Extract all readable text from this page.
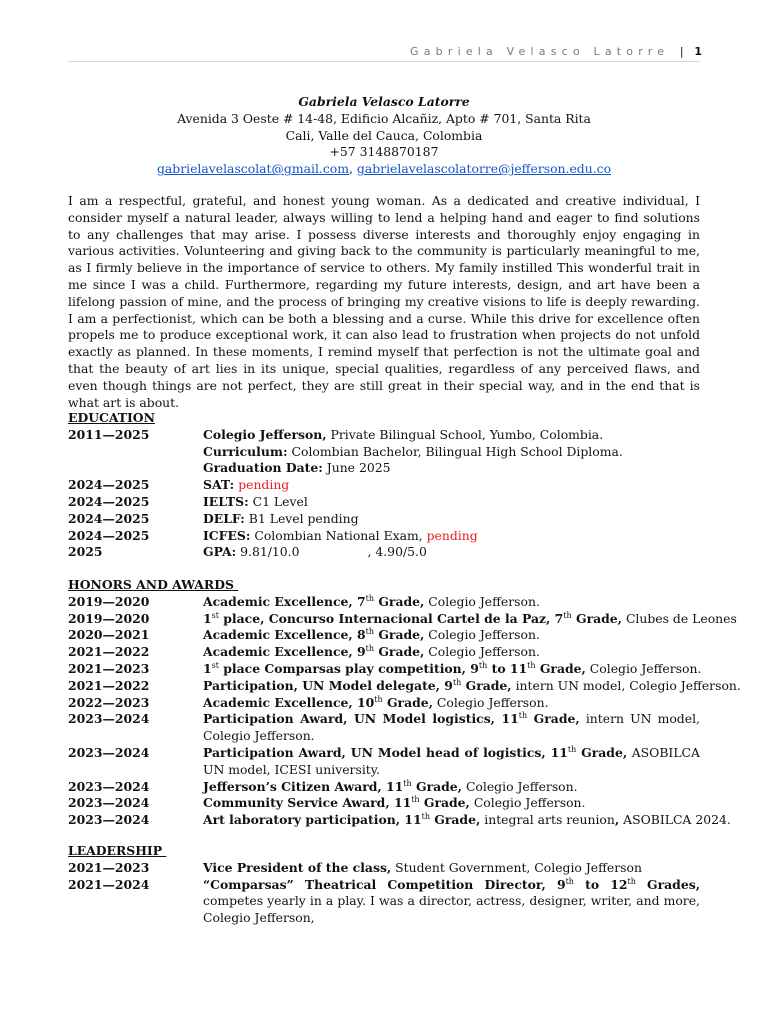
Gabriela Velasco Latorre | 1
Gabriela Velasco Latorre
Avenida 3 Oeste # 14-48, Edificio Alcañiz, Apto # 701, Santa Rita
Cali, Valle del Cauca, Colombia
+57 3148870187
gabrielavelascolat@gmail.com, gabrielavelascolatorre@jefferson.edu.co
I am a respectful, grateful, and honest young woman. As a dedicated and creative individual, I consider myself a natural leader, always willing to lend a helping hand and eager to find solutions to any challenges that may arise. I possess diverse interests and thoroughly enjoy engaging in various activities. Volunteering and giving back to the community is particularly meaningful to me, as I firmly believe in the importance of service to others. My family instilled This wonderful trait in me since I was a child. Furthermore, regarding my future interests, design, and art have been a lifelong passion of mine, and the process of bringing my creative visions to life is deeply rewarding. I am a perfectionist, which can be both a blessing and a curse. While this drive for excellence often propels me to produce exceptional work, it can also lead to frustration when projects do not unfold exactly as planned. In these moments, I remind myself that perfection is not the ultimate goal and that the beauty of art lies in its unique, special qualities, regardless of any perceived flaws, and even though things are not perfect, they are still great in their special way, and in the end that is what art is about.
EDUCATION
2011—2025	Colegio Jefferson, Private Bilingual School, Yumbo, Colombia.
Curriculum: Colombian Bachelor, Bilingual High School Diploma.
Graduation Date: June 2025
2024—2025	SAT: pending
2024—2025	IELTS: C1 Level
2024—2025	DELF: B1 Level pending
2024—2025	ICFES: Colombian National Exam, pending
2025	GPA: 9.81/10.0	, 4.90/5.0
HONORS AND AWARDS
2019—2020	Academic Excellence, 7th Grade, Colegio Jefferson.
2019—2020	1st place, Concurso Internacional Cartel de la Paz, 7th Grade, Clubes de Leones
2020—2021	Academic Excellence, 8th Grade, Colegio Jefferson.
2021—2022	Academic Excellence, 9th Grade, Colegio Jefferson.
2021—2023	1st place Comparsas play competition, 9th to 11th Grade, Colegio Jefferson.
2021—2022	Participation, UN Model delegate, 9th Grade, intern UN model, Colegio Jefferson.
2022—2023	Academic Excellence, 10th Grade, Colegio Jefferson.
2023—2024	Participation Award, UN Model logistics, 11th Grade, intern UN model, Colegio Jefferson.
2023—2024	Participation Award, UN Model head of logistics, 11th Grade, ASOBILCA UN model, ICESI university.
2023—2024	Jefferson’s Citizen Award, 11th Grade, Colegio Jefferson.
2023—2024	Community Service Award, 11th Grade, Colegio Jefferson.
2023—2024	Art laboratory participation, 11th Grade, integral arts reunion, ASOBILCA 2024.
LEADERSHIP
2021—2023	Vice President of the class, Student Government, Colegio Jefferson
2021—2024	“Comparsas” Theatrical Competition Director, 9th to 12th Grades, competes yearly in a play. I was a director, actress, designer, writer, and more, Colegio Jefferson,
